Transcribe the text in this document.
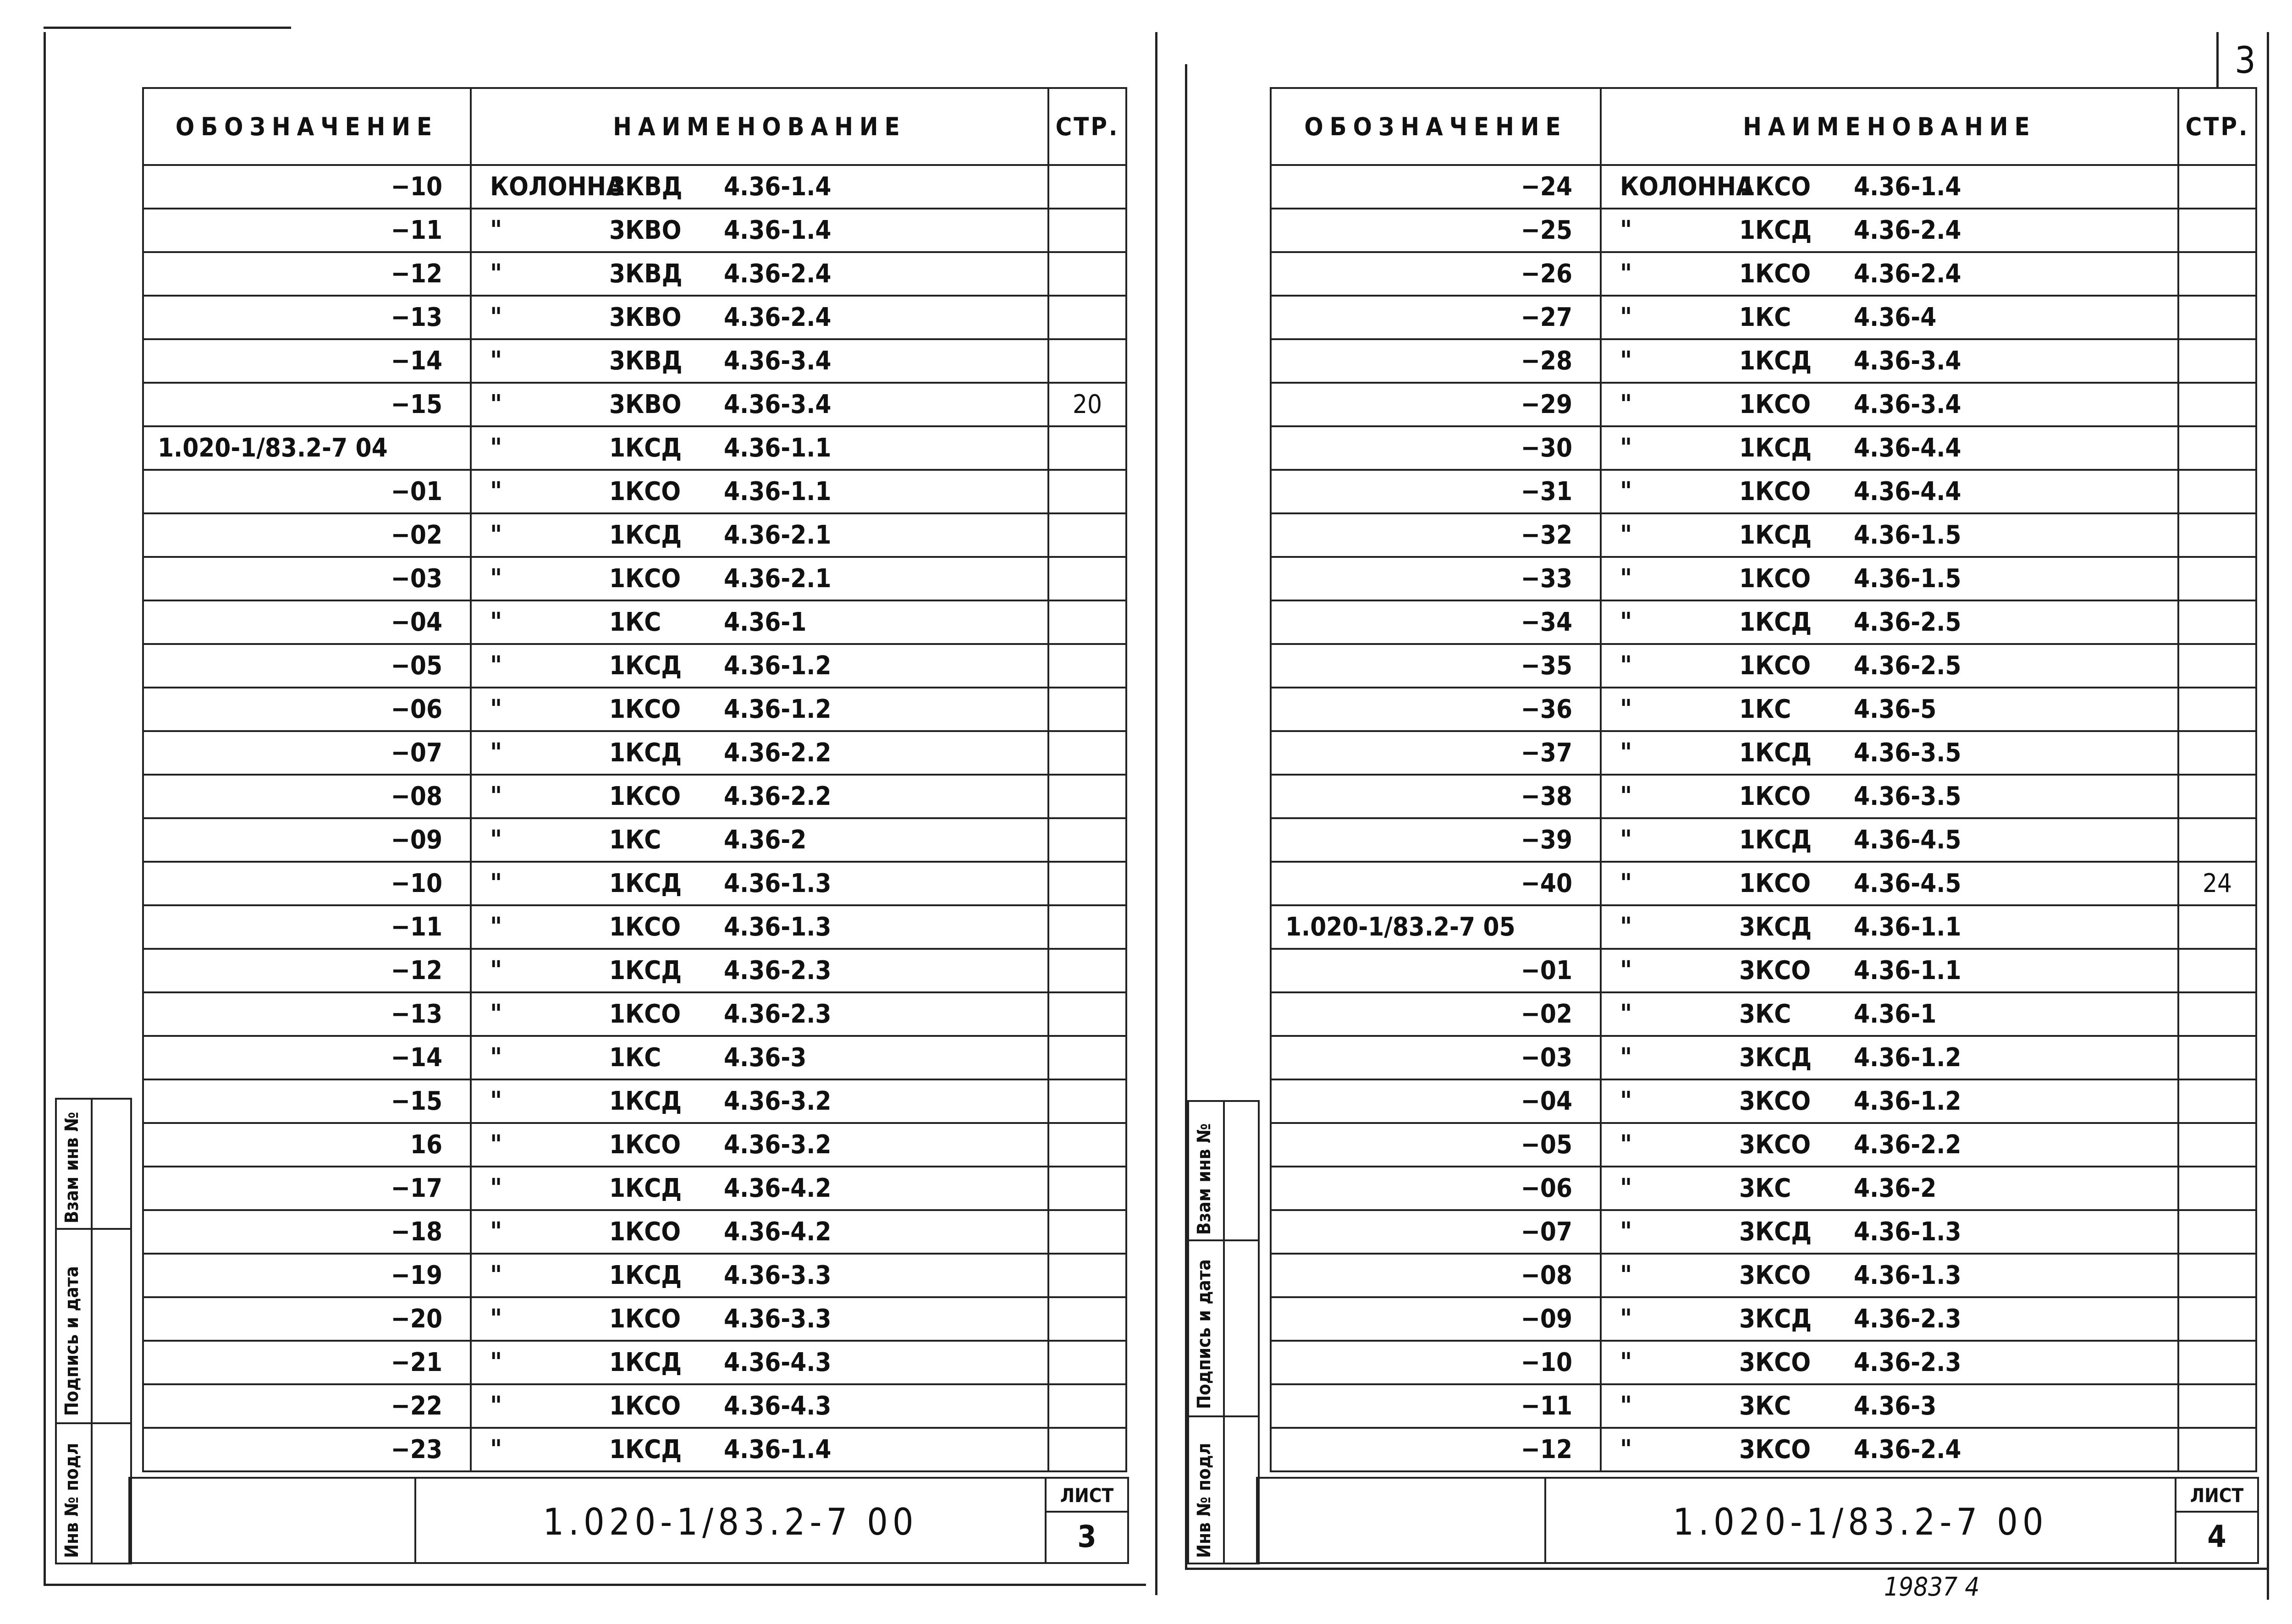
ОБОЗНАЧЕНИЕ	НАИМЕНОВАНИЕ	СТР.
−10	КОЛОННА3КВД 4.36-1.4	
−11	" 3КВО 4.36-1.4	
−12	" 3КВД 4.36-2.4	
−13	" 3КВО 4.36-2.4	
−14	" 3КВД 4.36-3.4	
−15	" 3КВО 4.36-3.4	20
1.020-1/83.2-7 04	" 1КСД 4.36-1.1	
−01	" 1КСО 4.36-1.1	
−02	" 1КСД 4.36-2.1	
−03	" 1КСО 4.36-2.1	
−04	" 1КС 4.36-1	
−05	" 1КСД 4.36-1.2	
−06	" 1КСО 4.36-1.2	
−07	" 1КСД 4.36-2.2	
−08	" 1КСО 4.36-2.2	
−09	" 1КС 4.36-2	
−10	" 1КСД 4.36-1.3	
−11	" 1КСО 4.36-1.3	
−12	" 1КСД 4.36-2.3	
−13	" 1КСО 4.36-2.3	
−14	" 1КС 4.36-3	
−15	" 1КСД 4.36-3.2	
16	" 1КСО 4.36-3.2	
−17	" 1КСД 4.36-4.2	
−18	" 1КСО 4.36-4.2	
−19	" 1КСД 4.36-3.3	
−20	" 1КСО 4.36-3.3	
−21	" 1КСД 4.36-4.3	
−22	" 1КСО 4.36-4.3	
−23	" 1КСД 4.36-1.4	
1.020-1/83.2-7 00
ЛИСТ
3
Взам инв №
Подпись и дата
Инв № подл
3
ОБОЗНАЧЕНИЕ	НАИМЕНОВАНИЕ	СТР.
−24	КОЛОННА1КСО 4.36-1.4	
−25	" 1КСД 4.36-2.4	
−26	" 1КСО 4.36-2.4	
−27	" 1КС 4.36-4	
−28	" 1КСД 4.36-3.4	
−29	" 1КСО 4.36-3.4	
−30	" 1КСД 4.36-4.4	
−31	" 1КСО 4.36-4.4	
−32	" 1КСД 4.36-1.5	
−33	" 1КСО 4.36-1.5	
−34	" 1КСД 4.36-2.5	
−35	" 1КСО 4.36-2.5	
−36	" 1КС 4.36-5	
−37	" 1КСД 4.36-3.5	
−38	" 1КСО 4.36-3.5	
−39	" 1КСД 4.36-4.5	
−40	" 1КСО 4.36-4.5	24
1.020-1/83.2-7 05	" 3КСД 4.36-1.1	
−01	" 3КСО 4.36-1.1	
−02	" 3КС 4.36-1	
−03	" 3КСД 4.36-1.2	
−04	" 3КСО 4.36-1.2	
−05	" 3КСО 4.36-2.2	
−06	" 3КС 4.36-2	
−07	" 3КСД 4.36-1.3	
−08	" 3КСО 4.36-1.3	
−09	" 3КСД 4.36-2.3	
−10	" 3КСО 4.36-2.3	
−11	" 3КС 4.36-3	
−12	" 3КСО 4.36-2.4	
1.020-1/83.2-7 00
ЛИСТ
4
Взам инв №
Подпись и дата
Инв № подл
19837 4
